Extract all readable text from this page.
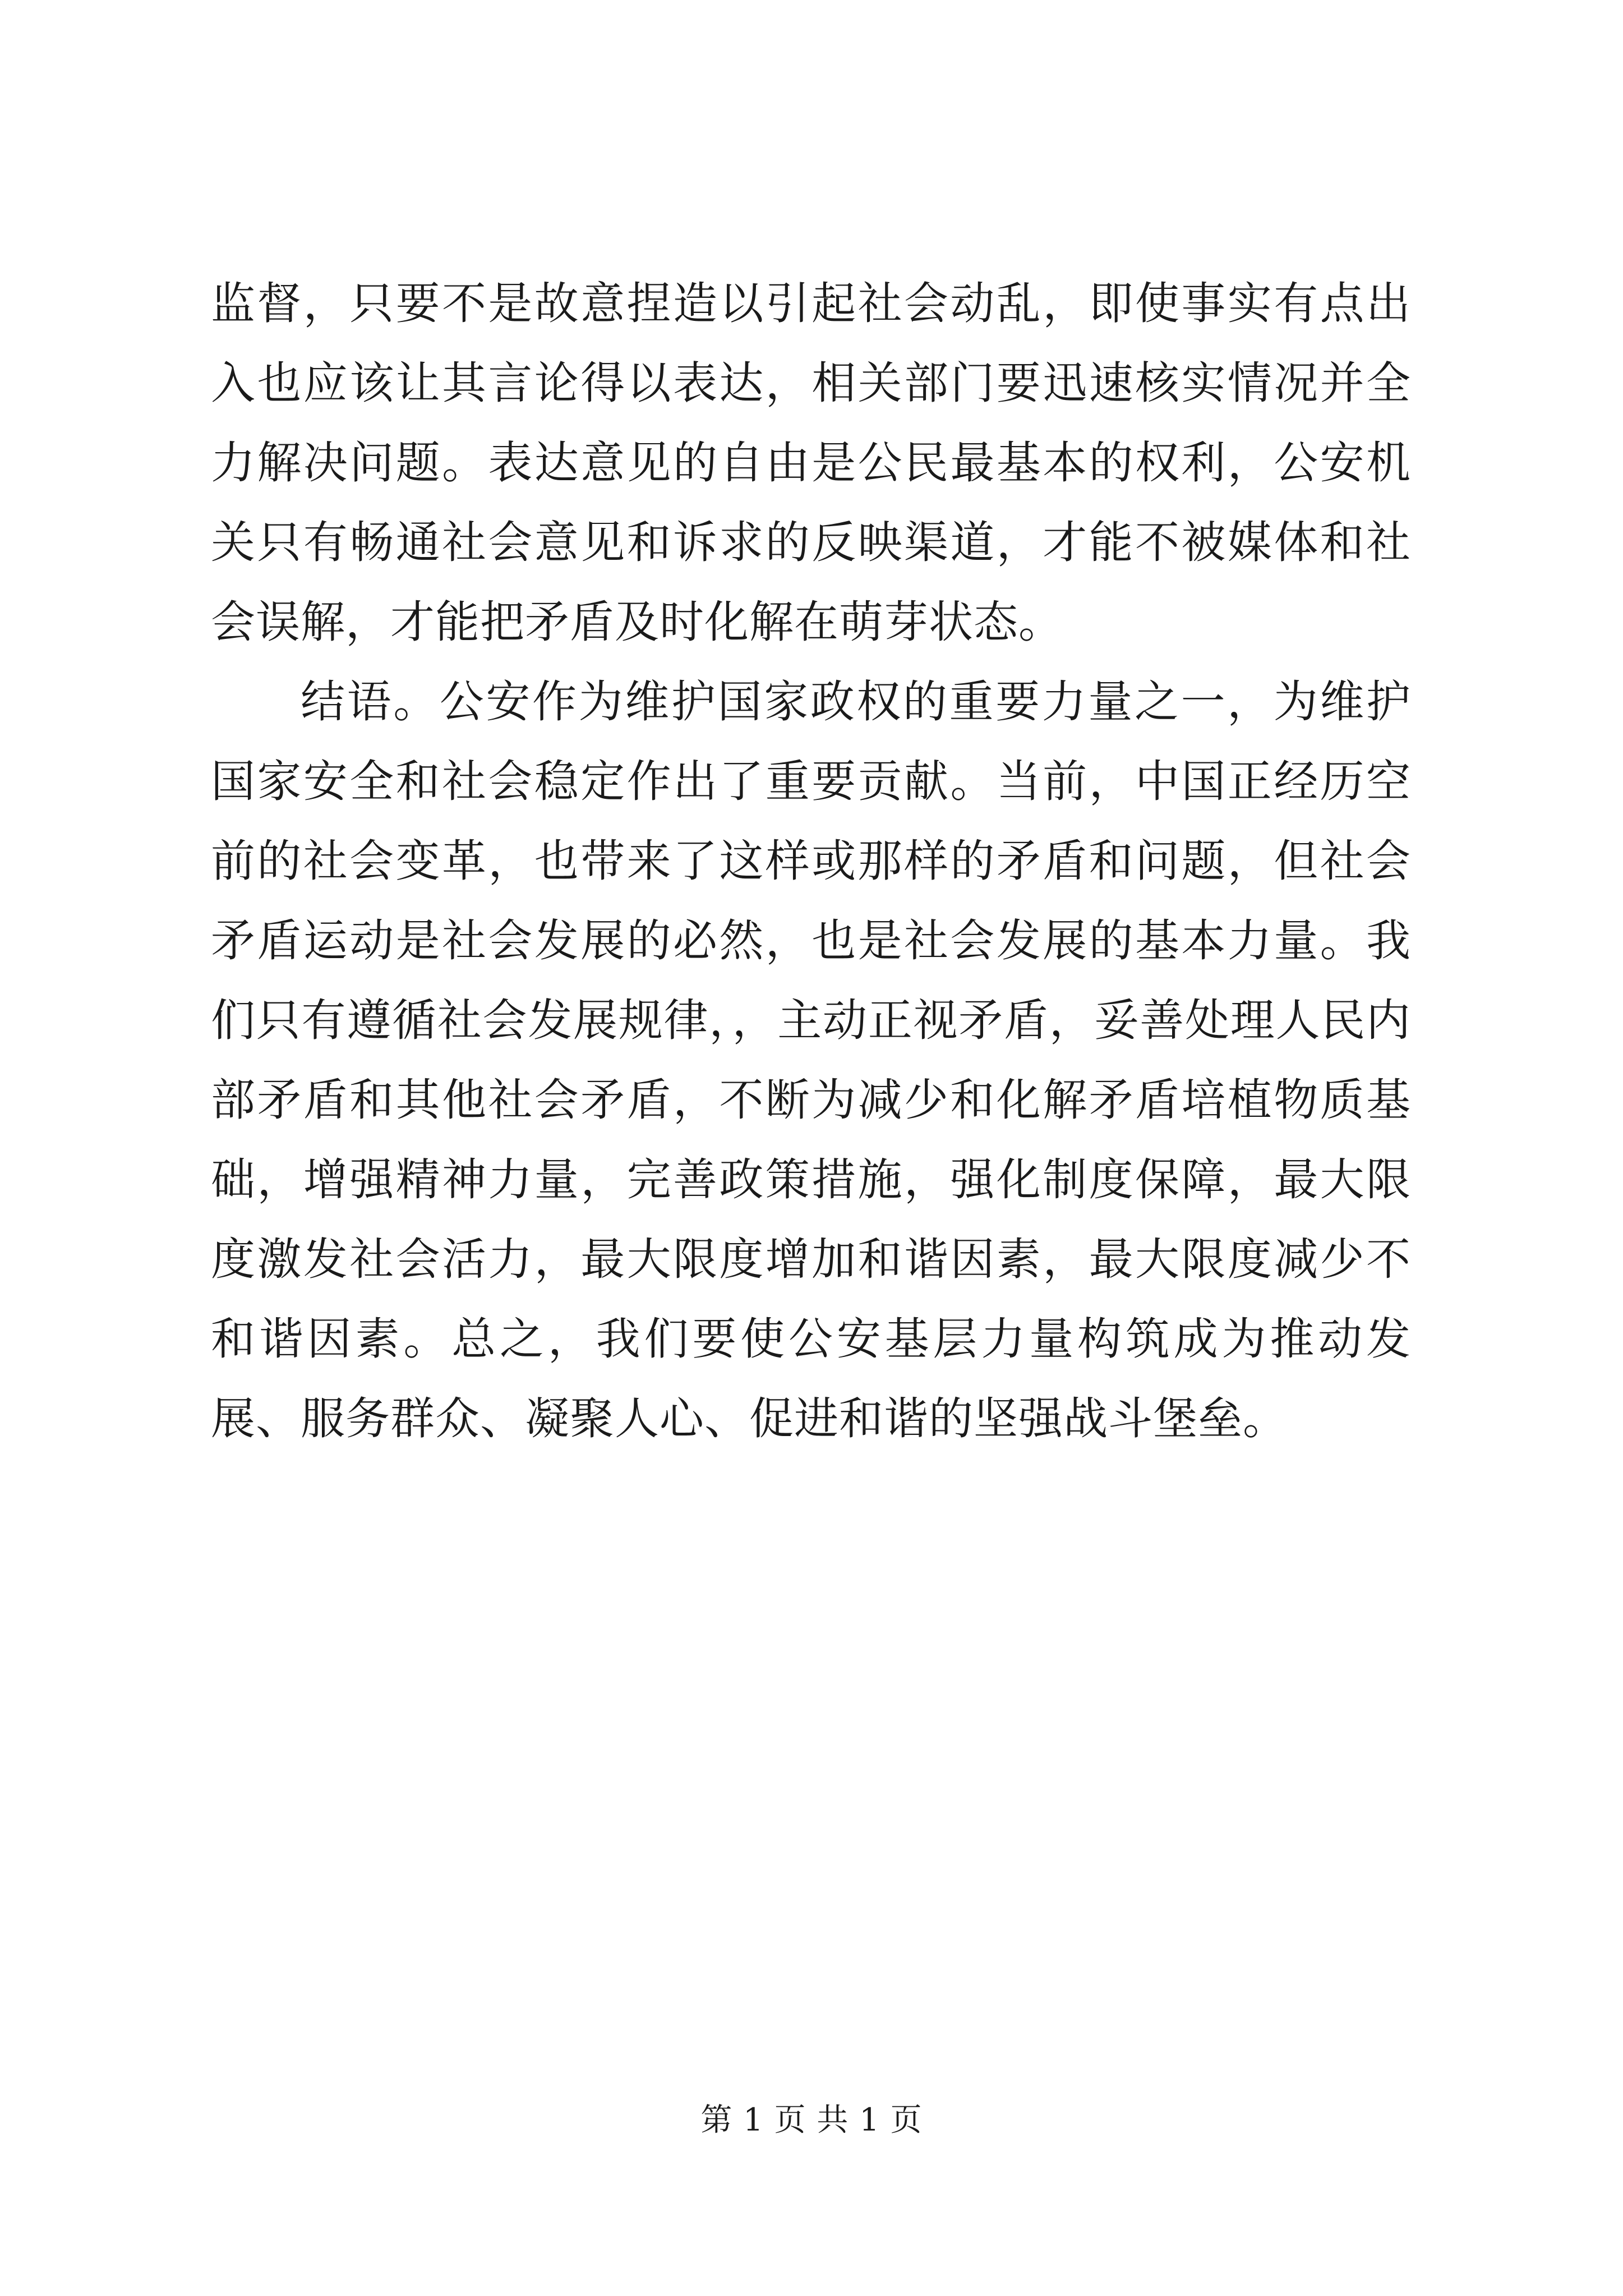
监督，只要不是故意捏造以引起社会动乱，即使事实有点出入也应该让其言论得以表达，相关部门要迅速核实情况并全力解决问题。表达意见的自由是公民最基本的权利，公安机关只有畅通社会意见和诉求的反映渠道，才能不被媒体和社会误解，才能把矛盾及时化解在萌芽状态。

结语。公安作为维护国家政权的重要力量之一，为维护国家安全和社会稳定作出了重要贡献。当前，中国正经历空前的社会变革，也带来了这样或那样的矛盾和问题，但社会矛盾运动是社会发展的必然，也是社会发展的基本力量。我们只有遵循社会发展规律，，主动正视矛盾，妥善处理人民内部矛盾和其他社会矛盾，不断为减少和化解矛盾培植物质基础，增强精神力量，完善政策措施，强化制度保障，最大限度激发社会活力，最大限度增加和谐因素，最大限度减少不和谐因素。总之，我们要使公安基层力量构筑成为推动发展、服务群众、凝聚人心、促进和谐的坚强战斗堡垒。

第 1 页 共 1 页
